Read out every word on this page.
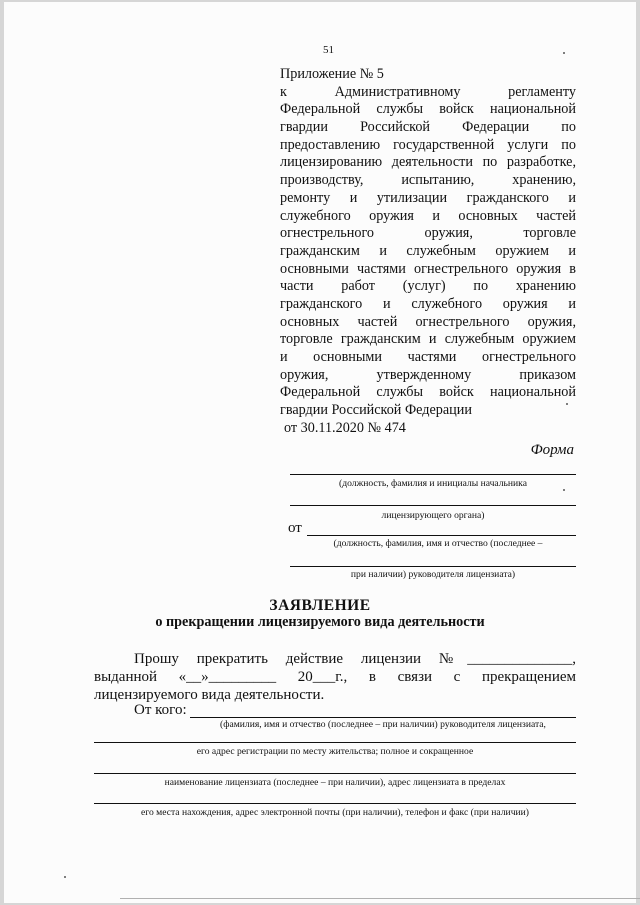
51
Приложение № 5
к Административному регламенту
Федеральной службы войск национальной
гвардии Российской Федерации по
предоставлению государственной услуги по
лицензированию деятельности по разработке,
производству, испытанию, хранению,
ремонту и утилизации гражданского и
служебного оружия и основных частей
огнестрельного оружия, торговле
гражданским и служебным оружием и
основными частями огнестрельного оружия в
части работ (услуг) по хранению
гражданского и служебного оружия и
основных частей огнестрельного оружия,
торговле гражданским и служебным оружием
и основными частями огнестрельного
оружия, утвержденному приказом
Федеральной службы войск национальной
гвардии Российской Федерации
от 30.11.2020 № 474
Форма
(должность, фамилия и инициалы начальника
лицензирующего органа)
от
(должность, фамилия, имя и отчество (последнее –
при наличии) руководителя лицензиата)
ЗАЯВЛЕНИЕ
о прекращении лицензируемого вида деятельности
Прошу прекратить действие лицензии №______________,
выданной «__»_________ 20___г., в связи с прекращением
лицензируемого вида деятельности.
От кого:
(фамилия, имя и отчество (последнее – при наличии) руководителя лицензиата,
его адрес регистрации по месту жительства; полное и сокращенное
наименование лицензиата (последнее – при наличии), адрес лицензиата в пределах
его места нахождения, адрес электронной почты (при наличии), телефон и факс (при наличии)
